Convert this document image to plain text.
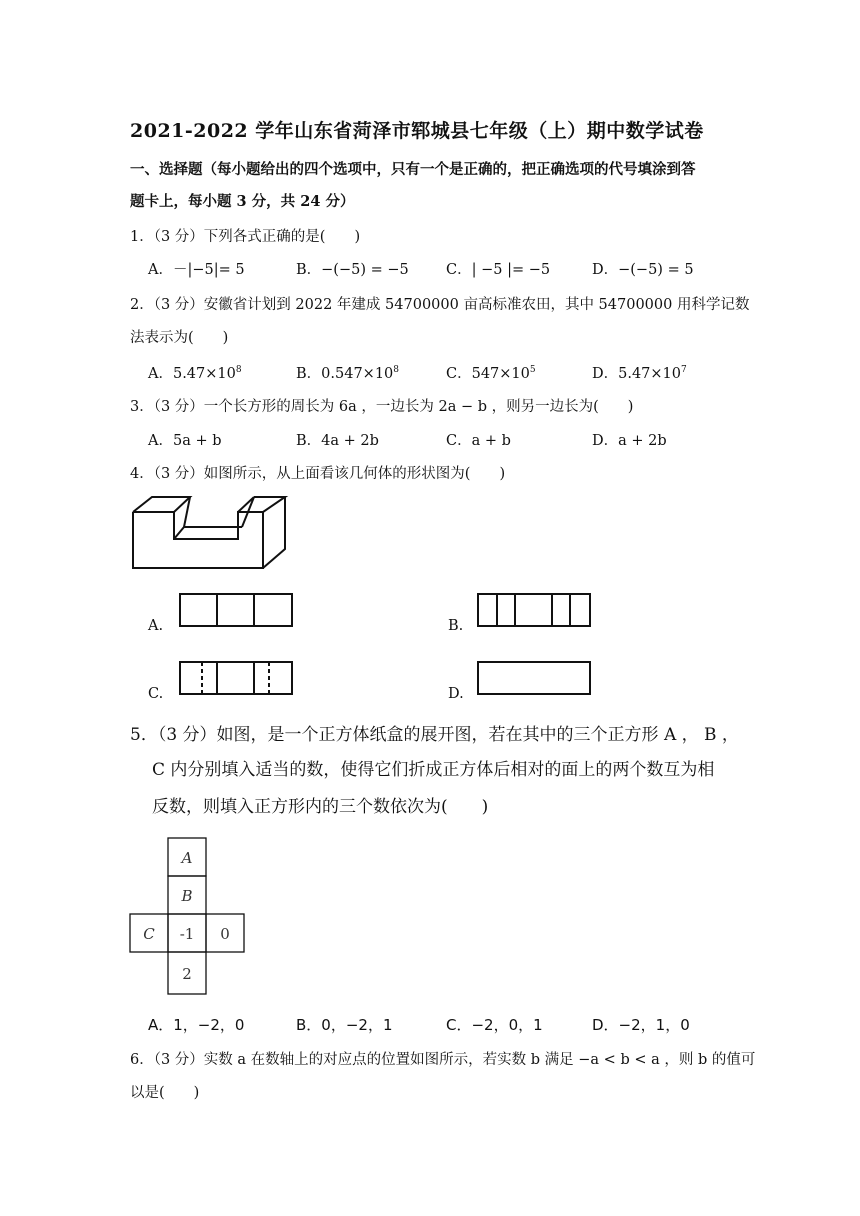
2021-2022 学年山东省菏泽市郓城县七年级（上）期中数学试卷
一、选择题（每小题给出的四个选项中，只有一个是正确的，把正确选项的代号填涂到答
题卡上，每小题 3 分，共 24 分）
1．（3 分）下列各式正确的是(　　)
A．－|−5|= 5	B．−(−5) = −5	C．| −5 |= −5	D．−(−5) = 5
2．（3 分）安徽省计划到 2022 年建成 54700000 亩高标准农田，其中 54700000 用科学记数
法表示为(　　)
A．$5.47\times 10^8$	B．$0.547\times 10^8$	C．$547\times 10^5$	D．$5.47\times 10^7$
3．（3 分）一个长方形的周长为 6a ，一边长为 2a − b ，则另一边长为(　　)
A．5a + b	B．4a + 2b	C．a + b	D．a + 2b
4．（3 分）如图所示，从上面看该几何体的形状图为(　　)
A.	B.
C.	D.
5．（3 分）如图，是一个正方体纸盒的展开图，若在其中的三个正方形 A ， B ，
C 内分别填入适当的数，使得它们折成正方体后相对的面上的两个数互为相
反数，则填入正方形内的三个数依次为(　　)
A
B
C -1 0
2
A．1，−2，0	B．0，−2，1	C．−2，0，1	D．−2，1，0
6．（3 分）实数 a 在数轴上的对应点的位置如图所示，若实数 b 满足 −a < b < a ，则 b 的值可
以是(　　)
